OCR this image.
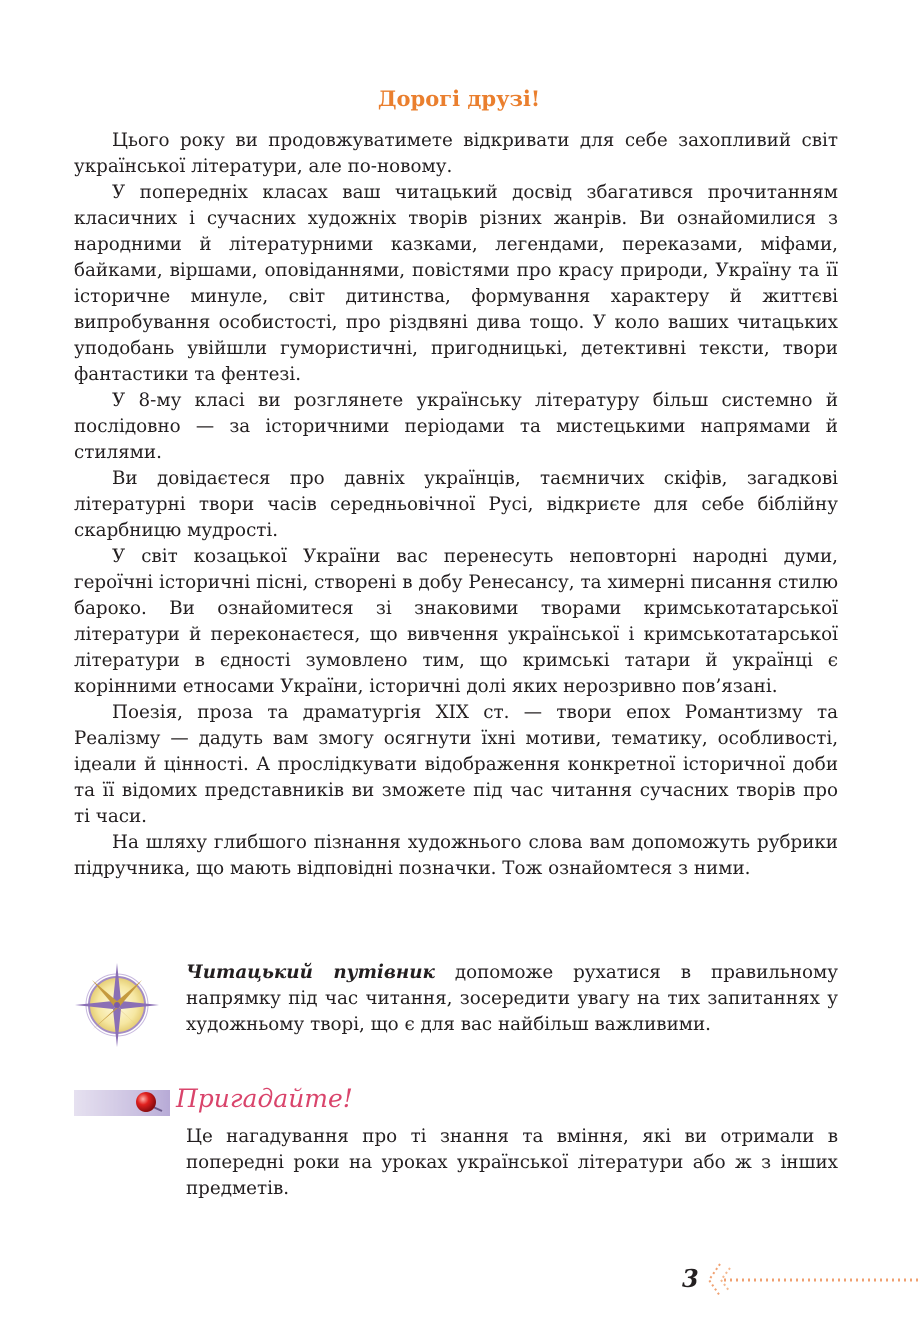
Дорогі друзі!

Цього року ви продовжуватимете відкривати для себе захопливий світ української літератури, але по-новому.

У попередніх класах ваш читацький досвід збагатився прочитанням класичних і сучасних художніх творів різних жанрів. Ви ознайомилися з народними й літературними казками, легендами, переказами, міфами, байками, віршами, оповіданнями, повістями про красу природи, Україну та її історичне минуле, світ дитинства, формування характеру й життєві випробування особистості, про різдвяні дива тощо. У коло ваших читацьких уподобань увійшли гумористичні, пригодницькі, детективні тексти, твори фантастики та фентезі.

У 8-му класі ви розглянете українську літературу більш системно й послідовно — за історичними періодами та мистецькими напрямами й стилями.

Ви довідаєтеся про давніх українців, таємничих скіфів, загадкові літературні твори часів середньовічної Русі, відкриєте для себе біблійну скарбницю мудрості.

У світ козацької України вас перенесуть неповторні народні думи, героїчні історичні пісні, створені в добу Ренесансу, та химерні писання стилю бароко. Ви ознайомитеся зі знаковими творами кримськотатарської літератури й переконаєтеся, що вивчення української і кримськотатарської літератури в єдності зумовлено тим, що кримські татари й українці є корінними етносами України, історичні долі яких нерозривно пов’язані.

Поезія, проза та драматургія ХІХ ст. — твори епох Романтизму та Реалізму — дадуть вам змогу осягнути їхні мотиви, тематику, особливості, ідеали й цінності. А прослідкувати відображення конкретної історичної доби та її відомих представників ви зможете під час читання сучасних творів про ті часи.

На шляху глибшого пізнання художнього слова вам допоможуть рубрики підручника, що мають відповідні позначки. Тож ознайомтеся з ними.

Читацький путівник допоможе рухатися в правильному напрямку під час читання, зосередити увагу на тих запитаннях у художньому творі, що є для вас найбільш важливими.

Пригадайте!

Це нагадування про ті знання та вміння, які ви отримали в попередні роки на уроках української літератури або ж з інших предметів.

3
